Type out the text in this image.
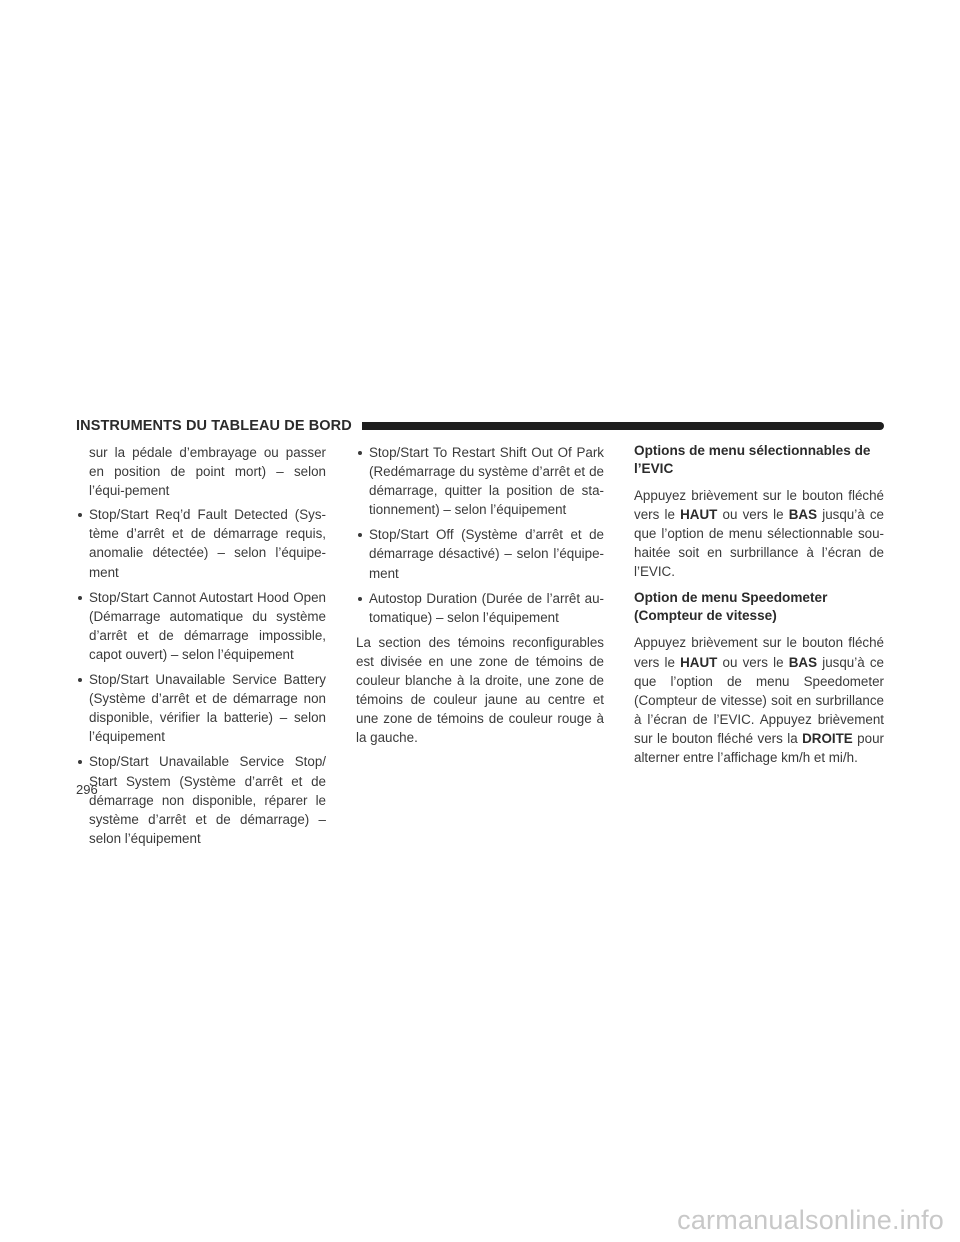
INSTRUMENTS DU TABLEAU DE BORD

sur la pédale d’embrayage ou passer en position de point mort) – selon l’équi-pement

Stop/Start Req’d Fault Detected (Sys-tème d’arrêt et de démarrage requis, anomalie détectée) – selon l’équipe-ment

Stop/Start Cannot Autostart Hood Open (Démarrage automatique du système d’arrêt et de démarrage impossible, capot ouvert) – selon l’équipement

Stop/Start Unavailable Service Battery (Système d’arrêt et de démarrage non disponible, vérifier la batterie) – selon l’équipement

Stop/Start Unavailable Service Stop/ Start System (Système d’arrêt et de démarrage non disponible, réparer le système d’arrêt et de démarrage) – selon l’équipement

Stop/Start To Restart Shift Out Of Park (Redémarrage du système d’arrêt et de démarrage, quitter la position de sta-tionnement) – selon l’équipement

Stop/Start Off (Système d’arrêt et de démarrage désactivé) – selon l’équipe-ment

Autostop Duration (Durée de l’arrêt au-tomatique) – selon l’équipement

La section des témoins reconfigurables est divisée en une zone de témoins de couleur blanche à la droite, une zone de témoins de couleur jaune au centre et une zone de témoins de couleur rouge à la gauche.

Options de menu sélectionnables de l’EVIC

Appuyez brièvement sur le bouton fléché vers le HAUT ou vers le BAS jusqu’à ce que l’option de menu sélectionnable sou-haitée soit en surbrillance à l’écran de l’EVIC.

Option de menu Speedometer (Compteur de vitesse)

Appuyez brièvement sur le bouton fléché vers le HAUT ou vers le BAS jusqu’à ce que l’option de menu Speedometer (Compteur de vitesse) soit en surbrillance à l’écran de l’EVIC. Appuyez brièvement sur le bouton fléché vers la DROITE pour alterner entre l’affichage km/h et mi/h.

296
carmanualsonline.info
